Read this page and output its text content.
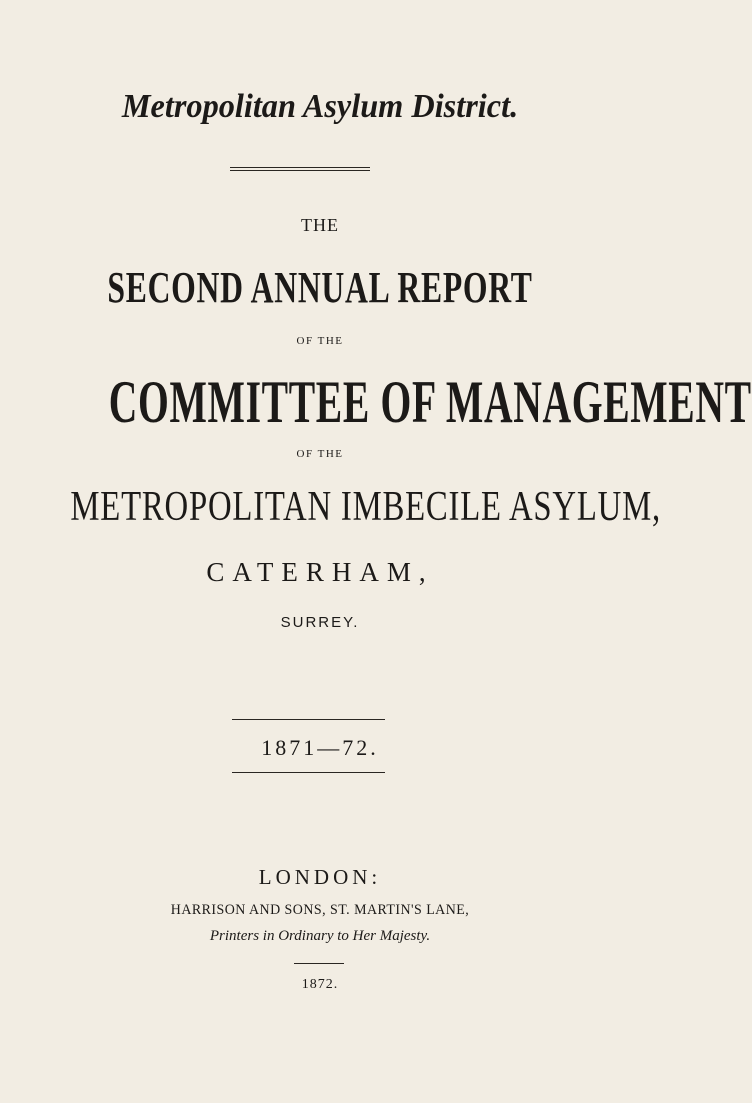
Metropolitan Asylum District.
THE
SECOND ANNUAL REPORT
OF THE
COMMITTEE OF MANAGEMENT
OF THE
METROPOLITAN IMBECILE ASYLUM,
CATERHAM,
SURREY.
1871—72.
LONDON:
HARRISON AND SONS, ST. MARTIN'S LANE,
Printers in Ordinary to Her Majesty.
1872.
